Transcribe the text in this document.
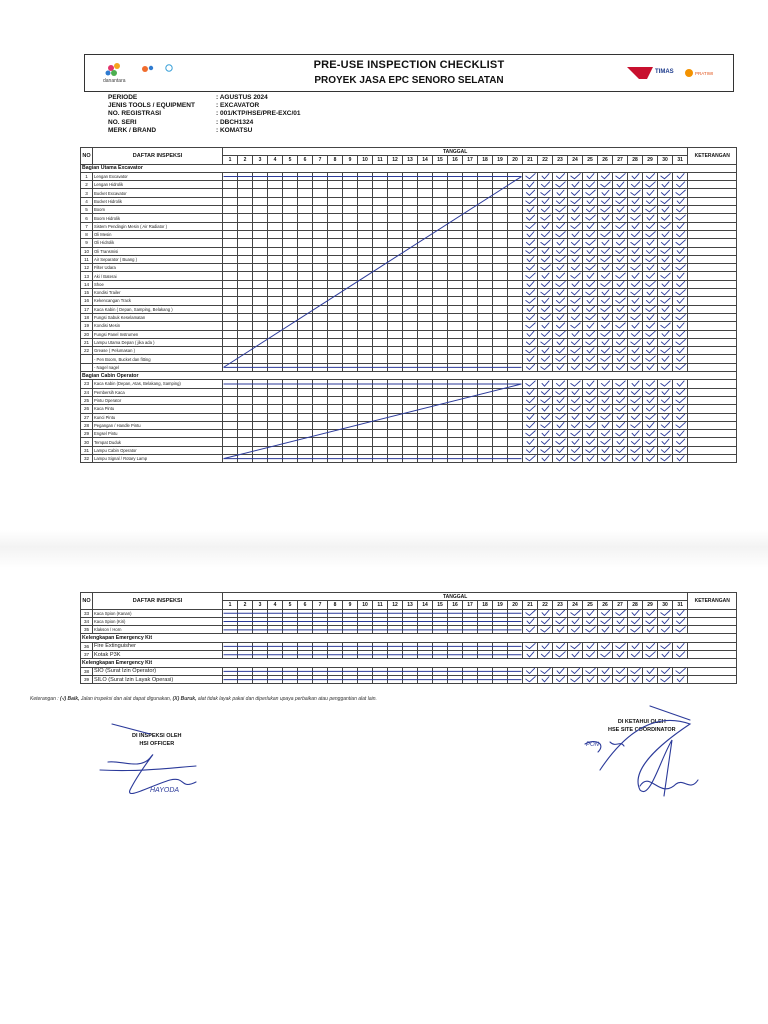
danantara
PRE-USE INSPECTION CHECKLIST
PROYEK JASA EPC SENORO SELATAN
TIMAS	PRATIWI
PERIODE	: AGUSTUS 2024
JENIS TOOLS / EQUIPMENT	: EXCAVATOR
NO. REGISTRASI	: 001/KTP/HSE/PRE-EXC/01
NO. SERI	: DBCH1324
MERK / BRAND	: KOMATSU
NO	DAFTAR INSPEKSI	TANGGAL																															KETERANGAN
		1	2	3	4	5	6	7	8	9	10	11	12	13	14	15	16	17	18	19	20	21	22	23	24	25	26	27	28	29	30	31	
Bagian Utama Excavator																																	
1	Lengan Excavator																																
2	Lengan Hidrolik																																
3	Bucket Excavator																																
4	Bucket Hidrolik																																
5	Boom																																
6	Boom Hidrolik																																
7	Sistem Pendingin Mesin ( Air Radiator )																																
8	Oli Mesin																																
9	Oli Hidrolik																																
10	Oli Transmisi																																
11	Air Separator ( Buang )																																
12	Filter Udara																																
13	Aki / Baterai																																
14	Shoe																																
15	Kondisi Trailer																																
16	Kekencangan Track																																
17	Kaca Kabin ( Depan, Samping, Belakang )																																
18	Fungsi Sabuk Keselamatan																																
19	Kondisi Mesin																																
20	Fungsi Panel Instrumen																																
21	Lampu Utama Depan ( jika ada )																																
22	Grease ( Pelumasan )																																
	- Pen Boom, Bucket dan fitting																																
	- Nagel nagel																																
Bagian Cabin Operator																																	
23	Kaca Kabin (Depan, Atas, Belakang, Samping)																																
24	Pembersih Kaca																																
25	Pintu Operator																																
26	Kaca Pintu																																
27	Kunci Pintu																																
28	Pegangan / Handle Pintu																																
29	Engsel Pintu																																
30	Tempat Duduk																																
31	Lampu Cabin Operator																																
32	Lampu Signal / Rotary Lamp																																
NO	DAFTAR INSPEKSI	TANGGAL																															KETERANGAN
		1	2	3	4	5	6	7	8	9	10	11	12	13	14	15	16	17	18	19	20	21	22	23	24	25	26	27	28	29	30	31	
33	Kaca Spion (Kanan)																																
34	Kaca Spion (Kiri)																																
35	Klakson / Horn																																
Kelengkapan Emergency Kit																																	
36	Fire Extinguisher																																
37	Kotak P3K																																
Kelengkapan Emergency Kit																																	
38	SIO (Surat Izin Operator)																																
39	SILO (Surat Izin Layak Operasi)																																
Keterangan : (√) Baik, Jalan inspeksi dan alat dapat digunakan, (X) Buruk, alat tidak layak pakai dan diperlukan upaya perbaikan atau penggantian alat lain.
DI INSPEKSI OLEH
HSI OFFICER
DI KETAHUI OLEH
HSE SITE COORDINATOR
HAYODA
PON
